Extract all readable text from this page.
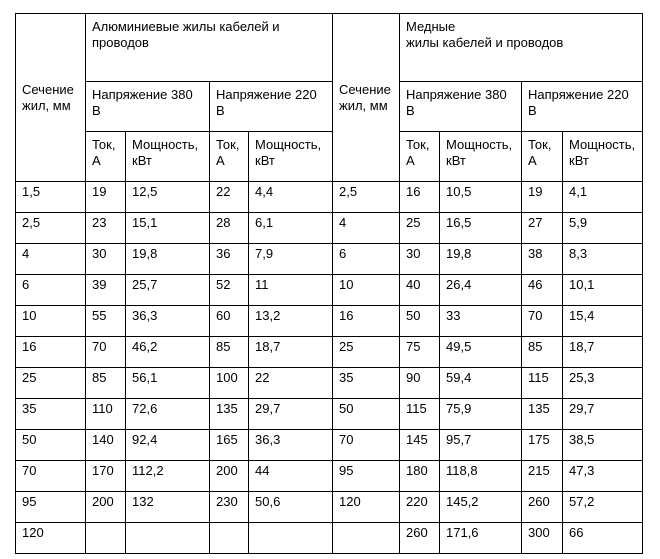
Сечение жил, мм	Алюминиевые жилы кабелей и проводов				Сечение жил, мм	Медные
жилы кабелей и проводов			
	Напряжение 380 В		Напряжение 220 В			Напряжение 380 В		Напряжение 220 В	
	Ток, А	Мощность, кВт	Ток, А	Мощность, кВт		Ток, А	Мощность, кВт	Ток, А	Мощность, кВт
1,5	19	12,5	22	4,4	2,5	16	10,5	19	4,1
2,5	23	15,1	28	6,1	4	25	16,5	27	5,9
4	30	19,8	36	7,9	6	30	19,8	38	8,3
6	39	25,7	52	11	10	40	26,4	46	10,1
10	55	36,3	60	13,2	16	50	33	70	15,4
16	70	46,2	85	18,7	25	75	49,5	85	18,7
25	85	56,1	100	22	35	90	59,4	115	25,3
35	110	72,6	135	29,7	50	115	75,9	135	29,7
50	140	92,4	165	36,3	70	145	95,7	175	38,5
70	170	112,2	200	44	95	180	118,8	215	47,3
95	200	132	230	50,6	120	220	145,2	260	57,2
120						260	171,6	300	66
